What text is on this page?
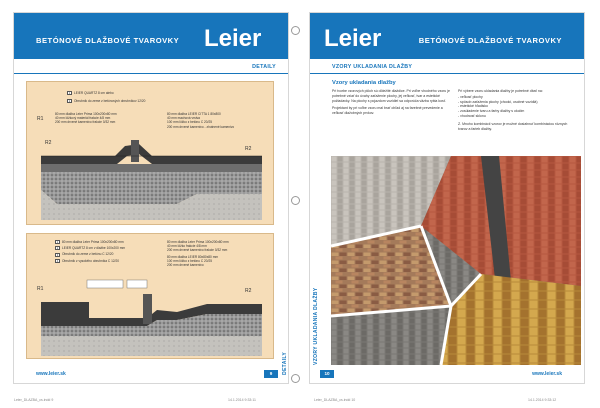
BETÓNOVÉ DLAŽBOVÉ TVAROVKY Leier
DETAILY
1	LEIER QUARTZ 8 cm alebo
2	Obrubník do zeme z betónových obrubníkov 12/20
80 mm dlažba Leier Prima 100x200x80 mm
40 mm lôžkový materiál frakcie 4/8 mm
200 mm drvené kamenivo frakcie 0/32 mm
80 mm dlažba LEIER CITTA 1 80x800
40 mm machová vrstva
100 mm lôžko z betónu C 20/25
200 mm drvené kamenivo - zhutnené kamenivo
R1
R2
R2
1	80 mm dlažba Leier Prima 100x200x80 mm
2	LEIER QUARTZ 8 cm v dlažbe 100x200 mm
3	Obrubník do zeme z betónu C 12/20
4	Obrubník z vysokého obrubníka C 12/20
80 mm dlažba Leier Prima 100x200x80 mm
40 mm lôžko frakcie 4/8 mm
200 mm drvené kamenivo frakcie 0/32 mm
80 mm dlažba LEIER 80x80x80 mm
100 mm lôžko z betónu C 20/25
200 mm drvené kamenivo
R1	R2
DETAILY
www.leier.sk	9
Leier	BETÓNOVÉ DLAŽBOVÉ TVAROVKY
VZORY UKLADANIA DLAŽBY
Vzory ukladania dlažby

Pri tvorbe vzorových plôch sú dôležité dlaždice. Pri voľbe vhodného vzoru je potrebné vziať do úvahy zaťaženie plochy, jej veľkosť, tvar a estetické požiadavky. Na plochy s pojazdom vozidiel sa odporúča väzba rybia kosť.

Projektant by pri voľbe vzoru mal brať ohľad aj na farebné prevedenie a veľkosť dlažobných prvkov.

Pri výbere vzoru ukladania dlažby je potrebné dbať na:

- veľkosť plochy
- spôsob zaťaženia plochy (chodci, osobné vozidlá)
- estetické hľadisko
- zosúladenie tvaru a farby dlažby s okolím
- vhodnosť sklonu

Z. Mnoho kombinácií vzorov je možné dosiahnuť kombináciou rôznych tvarov a farieb dlažby.

VZORY UKLADANIA DLAŽBY
www.leier.sk
10
Leier_DLAZBA_cs.indd 9	14.1.2014 9:33:11	Leier_DLAZBA_cs.indd 10	14.1.2014 9:33:12
